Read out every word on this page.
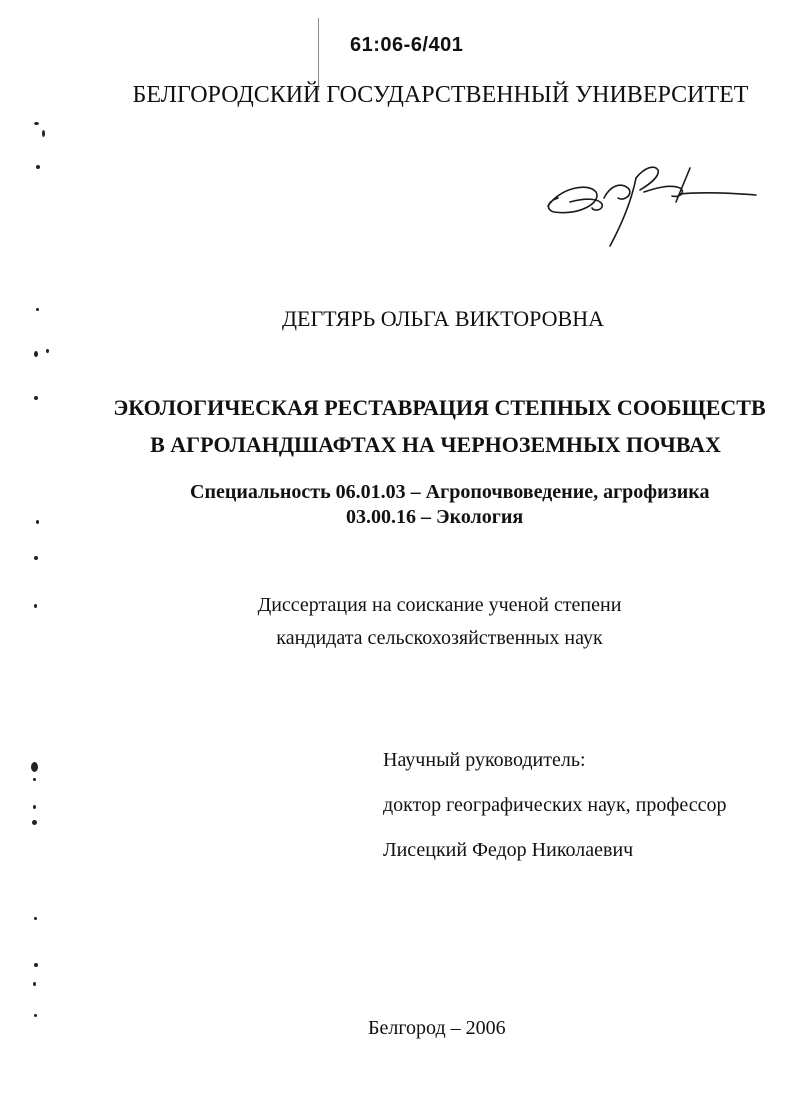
61:06-6/401
БЕЛГОРОДСКИЙ ГОСУДАРСТВЕННЫЙ УНИВЕРСИТЕТ
ДЕГТЯРЬ ОЛЬГА ВИКТОРОВНА
ЭКОЛОГИЧЕСКАЯ РЕСТАВРАЦИЯ СТЕПНЫХ СООБЩЕСТВ
В АГРОЛАНДШАФТАХ НА ЧЕРНОЗЕМНЫХ ПОЧВАХ
Специальность 06.01.03 – Агропочвоведение, агрофизика
03.00.16 – Экология
Диссертация на соискание ученой степени
кандидата сельскохозяйственных наук
Научный руководитель:
доктор географических наук, профессор
Лисецкий Федор Николаевич
Белгород – 2006
